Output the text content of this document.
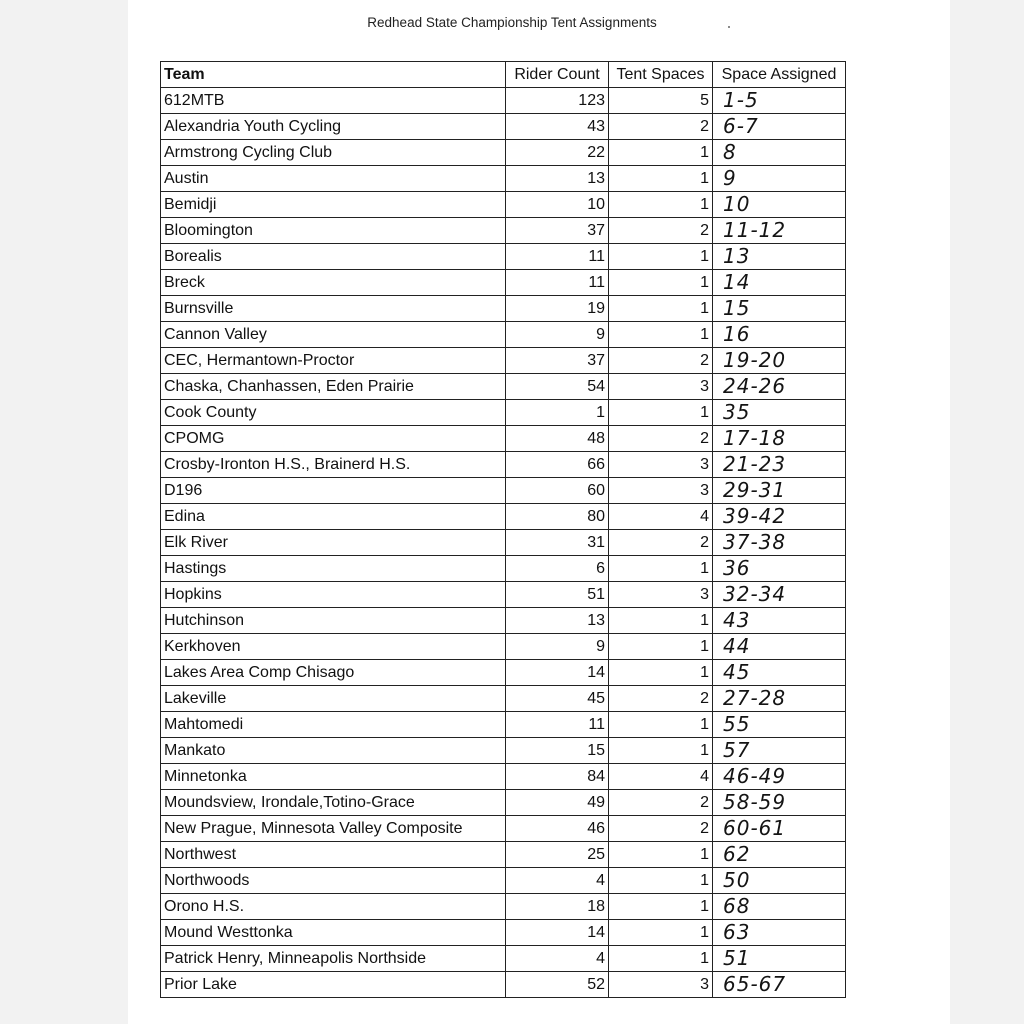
Redhead State Championship Tent Assignments
Team	Rider Count	Tent Spaces	Space Assigned
612MTB	123	5	1-5
Alexandria Youth Cycling	43	2	6-7
Armstrong Cycling Club	22	1	8
Austin	13	1	9
Bemidji	10	1	10
Bloomington	37	2	11-12
Borealis	11	1	13
Breck	11	1	14
Burnsville	19	1	15
Cannon Valley	9	1	16
CEC, Hermantown-Proctor	37	2	19-20
Chaska, Chanhassen, Eden Prairie	54	3	24-26
Cook County	1	1	35
CPOMG	48	2	17-18
Crosby-Ironton H.S., Brainerd H.S.	66	3	21-23
D196	60	3	29-31
Edina	80	4	39-42
Elk River	31	2	37-38
Hastings	6	1	36
Hopkins	51	3	32-34
Hutchinson	13	1	43
Kerkhoven	9	1	44
Lakes Area Comp Chisago	14	1	45
Lakeville	45	2	27-28
Mahtomedi	11	1	55
Mankato	15	1	57
Minnetonka	84	4	46-49
Moundsview, Irondale,Totino-Grace	49	2	58-59
New Prague, Minnesota Valley Composite	46	2	60-61
Northwest	25	1	62
Northwoods	4	1	50
Orono H.S.	18	1	68
Mound Westtonka	14	1	63
Patrick Henry, Minneapolis Northside	4	1	51
Prior Lake	52	3	65-67
